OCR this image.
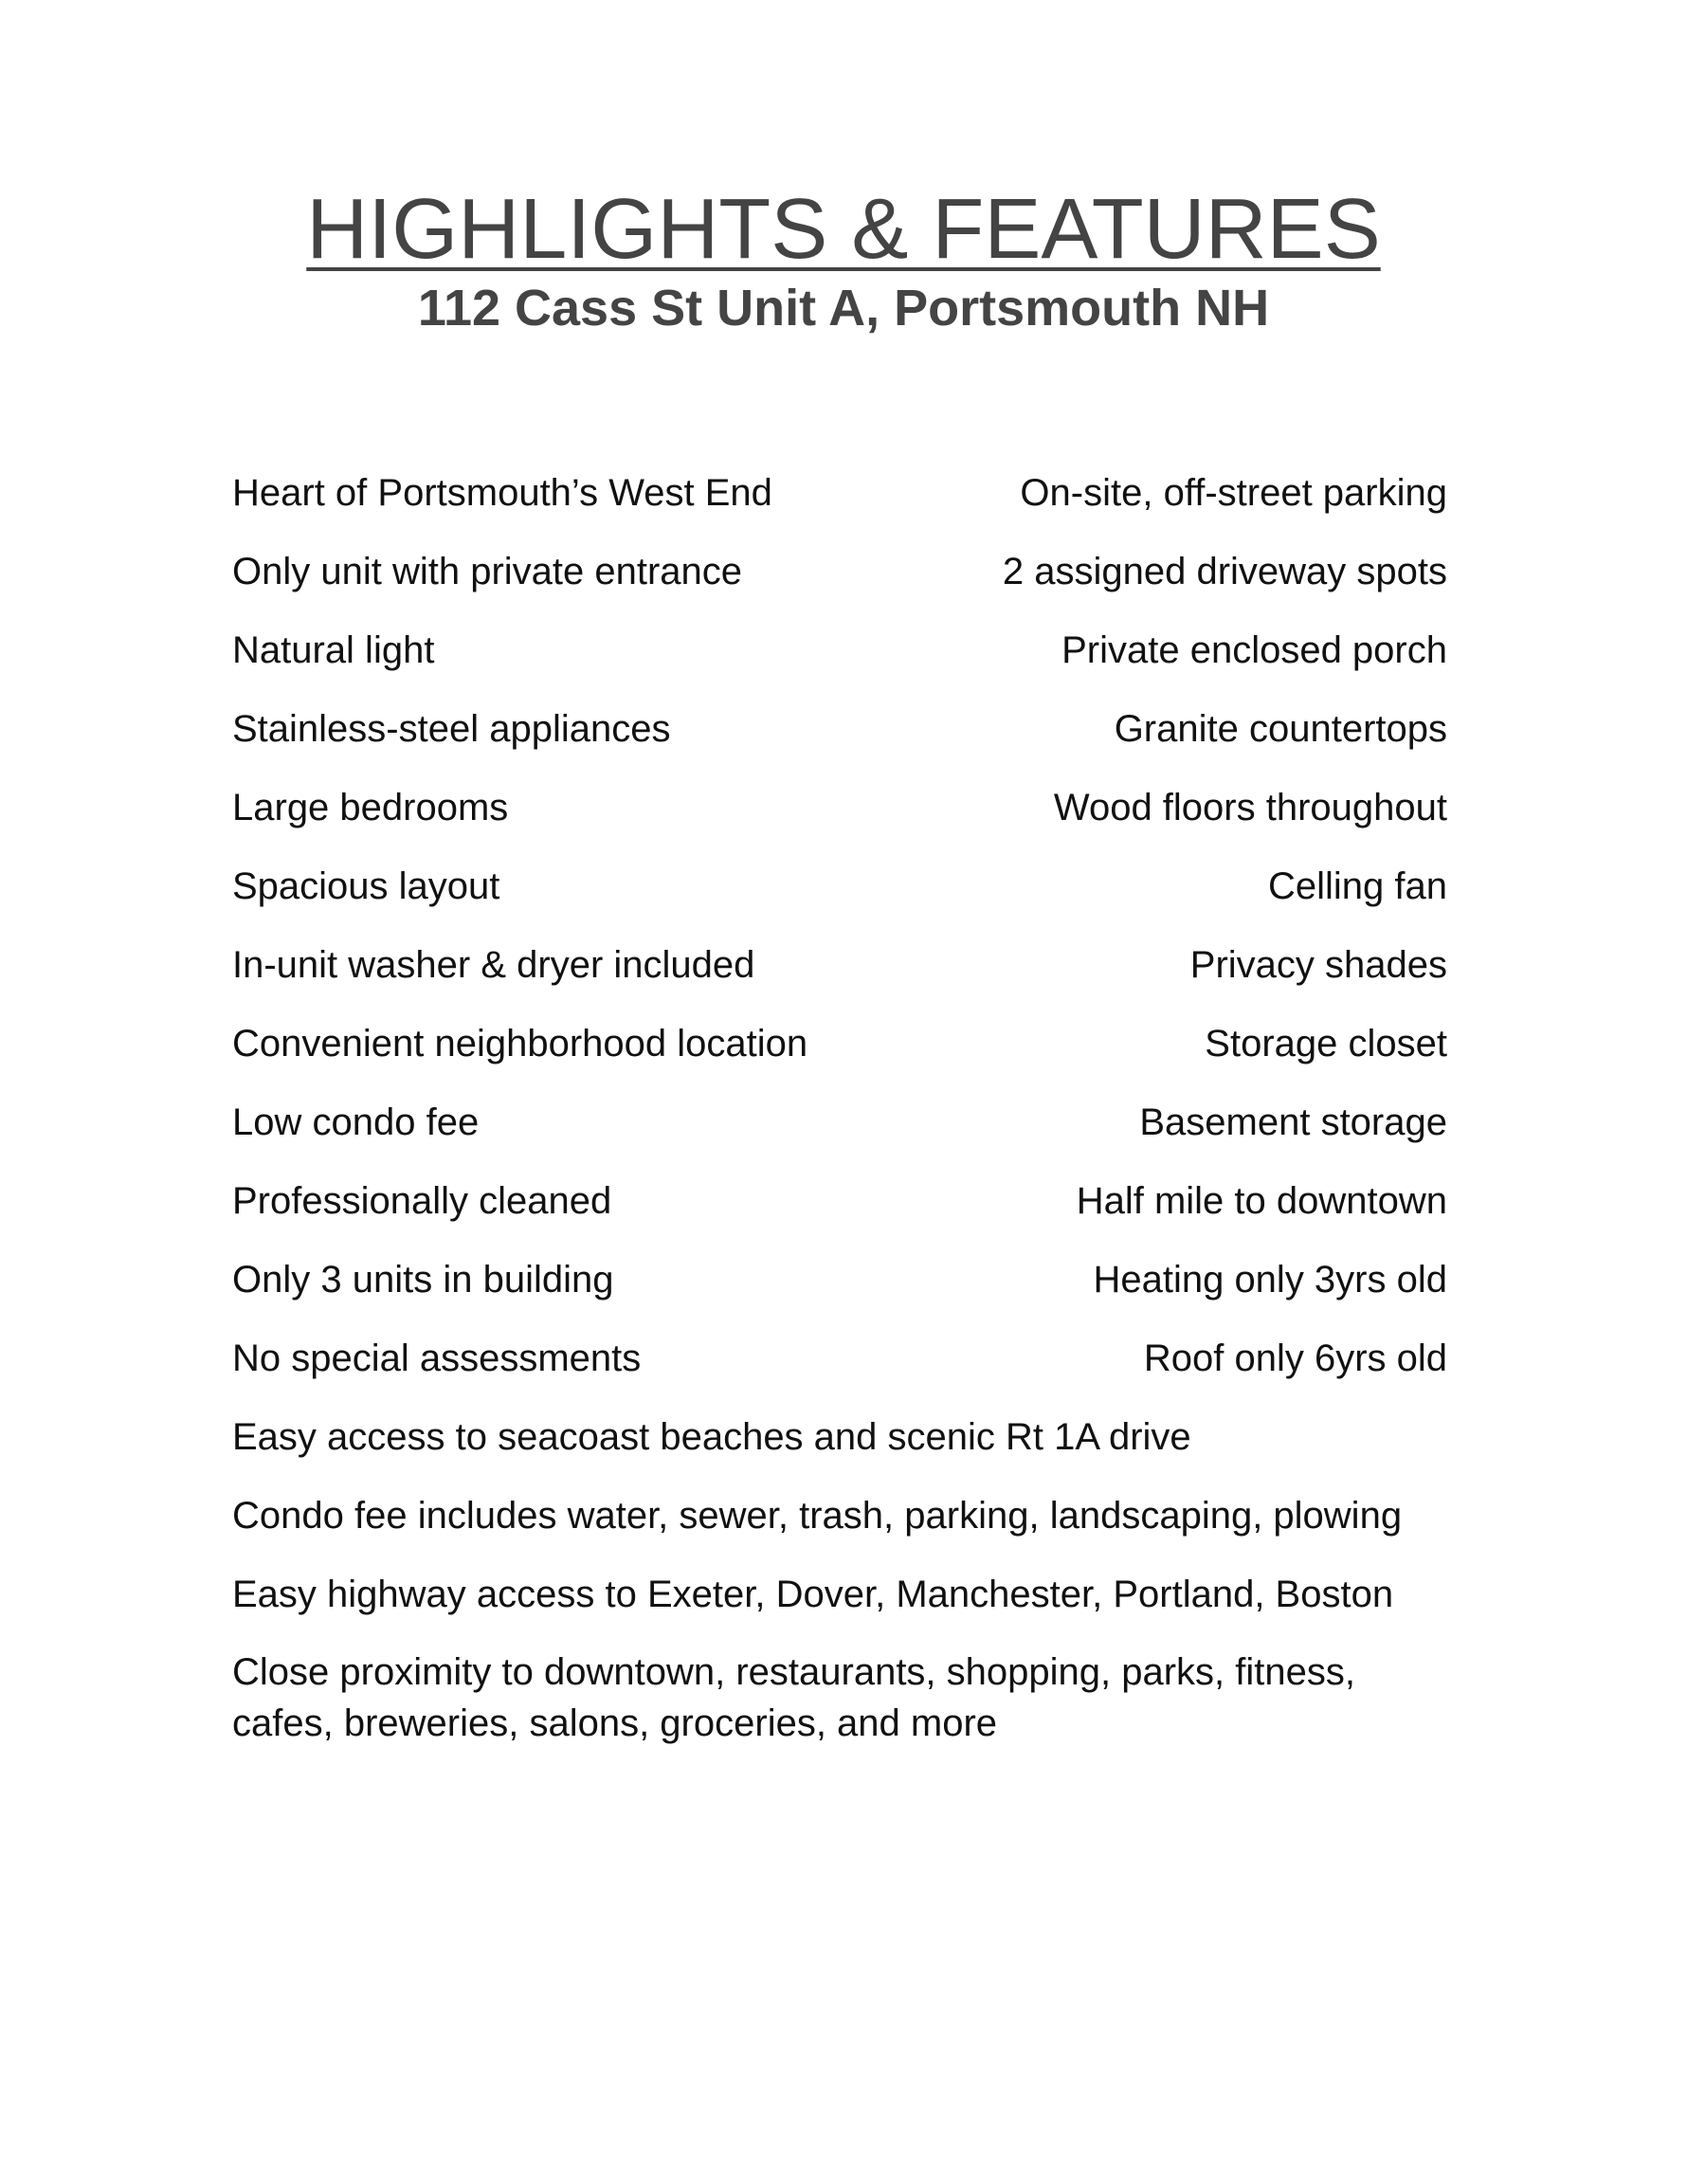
HIGHLIGHTS & FEATURES
112 Cass St Unit A, Portsmouth NH
Heart of Portsmouth’s West End	On-site, off-street parking
Only unit with private entrance	2 assigned driveway spots
Natural light	Private enclosed porch
Stainless-steel appliances	Granite countertops
Large bedrooms	Wood floors throughout
Spacious layout	Celling fan
In-unit washer & dryer included	Privacy shades
Convenient neighborhood location	Storage closet
Low condo fee	Basement storage
Professionally cleaned	Half mile to downtown
Only 3 units in building	Heating only 3yrs old
No special assessments	Roof only 6yrs old
Easy access to seacoast beaches and scenic Rt 1A drive
Condo fee includes water, sewer, trash, parking, landscaping, plowing
Easy highway access to Exeter, Dover, Manchester, Portland, Boston
Close proximity to downtown, restaurants, shopping, parks, fitness, cafes, breweries, salons, groceries, and more
